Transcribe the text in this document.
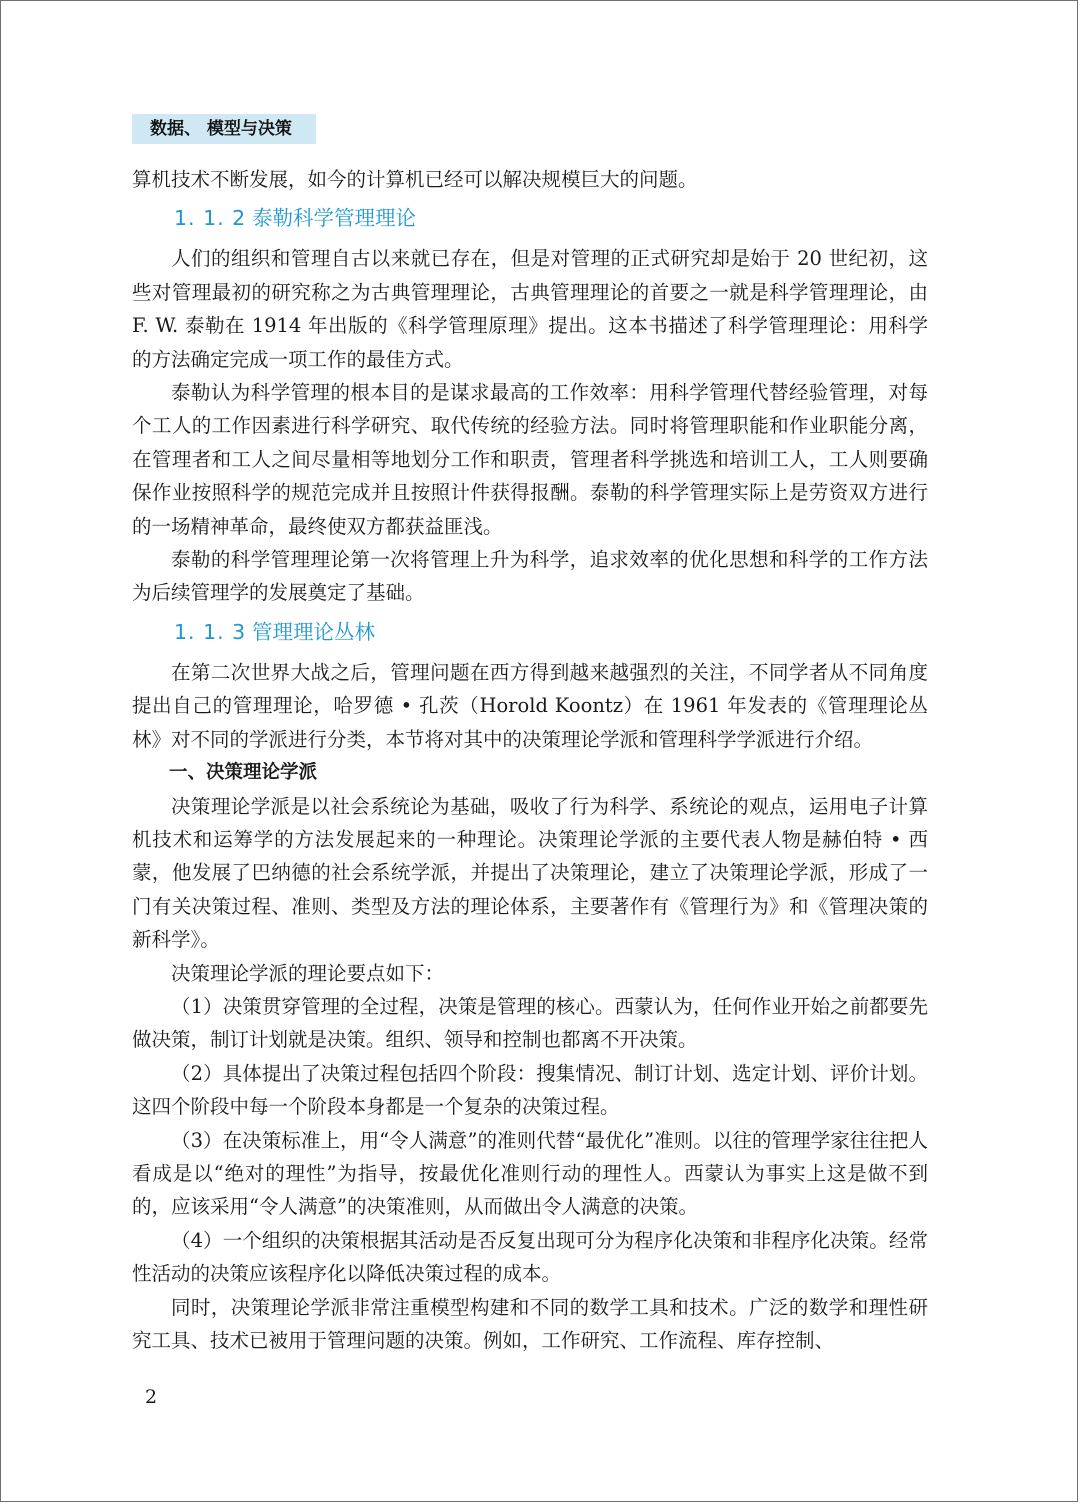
数据、 模型与决策

算机技术不断发展，如今的计算机已经可以解决规模巨大的问题。

1. 1. 2 泰勒科学管理理论

人们的组织和管理自古以来就已存在，但是对管理的正式研究却是始于 20 世纪初，这些对管理最初的研究称之为古典管理理论，古典管理理论的首要之一就是科学管理理论，由 F. W. 泰勒在 1914 年出版的《科学管理原理》提出。这本书描述了科学管理理论：用科学的方法确定完成一项工作的最佳方式。

泰勒认为科学管理的根本目的是谋求最高的工作效率：用科学管理代替经验管理，对每个工人的工作因素进行科学研究、取代传统的经验方法。同时将管理职能和作业职能分离，在管理者和工人之间尽量相等地划分工作和职责，管理者科学挑选和培训工人，工人则要确保作业按照科学的规范完成并且按照计件获得报酬。泰勒的科学管理实际上是劳资双方进行的一场精神革命，最终使双方都获益匪浅。

泰勒的科学管理理论第一次将管理上升为科学，追求效率的优化思想和科学的工作方法为后续管理学的发展奠定了基础。

1. 1. 3 管理理论丛林

在第二次世界大战之后，管理问题在西方得到越来越强烈的关注，不同学者从不同角度提出自己的管理理论，哈罗德 • 孔茨（Horold Koontz）在 1961 年发表的《管理理论丛林》对不同的学派进行分类，本节将对其中的决策理论学派和管理科学学派进行介绍。

一、决策理论学派

决策理论学派是以社会系统论为基础，吸收了行为科学、系统论的观点，运用电子计算机技术和运筹学的方法发展起来的一种理论。决策理论学派的主要代表人物是赫伯特 • 西蒙，他发展了巴纳德的社会系统学派，并提出了决策理论，建立了决策理论学派，形成了一门有关决策过程、准则、类型及方法的理论体系，主要著作有《管理行为》和《管理决策的新科学》。

决策理论学派的理论要点如下：

（1）决策贯穿管理的全过程，决策是管理的核心。西蒙认为，任何作业开始之前都要先做决策，制订计划就是决策。组织、领导和控制也都离不开决策。

（2）具体提出了决策过程包括四个阶段：搜集情况、制订计划、选定计划、评价计划。这四个阶段中每一个阶段本身都是一个复杂的决策过程。

（3）在决策标准上，用“令人满意”的准则代替“最优化”准则。以往的管理学家往往把人看成是以“绝对的理性”为指导，按最优化准则行动的理性人。西蒙认为事实上这是做不到的，应该采用“令人满意”的决策准则，从而做出令人满意的决策。

（4）一个组织的决策根据其活动是否反复出现可分为程序化决策和非程序化决策。经常性活动的决策应该程序化以降低决策过程的成本。

同时，决策理论学派非常注重模型构建和不同的数学工具和技术。广泛的数学和理性研究工具、技术已被用于管理问题的决策。例如，工作研究、工作流程、库存控制、

2
